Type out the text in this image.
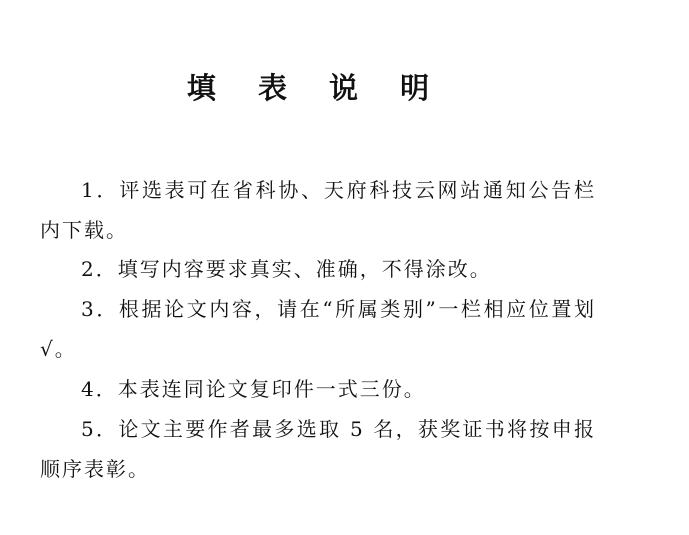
填 表 说 明

1．评选表可在省科协、天府科技云网站通知公告栏内下载。

2．填写内容要求真实、准确，不得涂改。

3．根据论文内容，请在“所属类别”一栏相应位置划√。

4．本表连同论文复印件一式三份。

5．论文主要作者最多选取 5 名，获奖证书将按申报顺序表彰。
